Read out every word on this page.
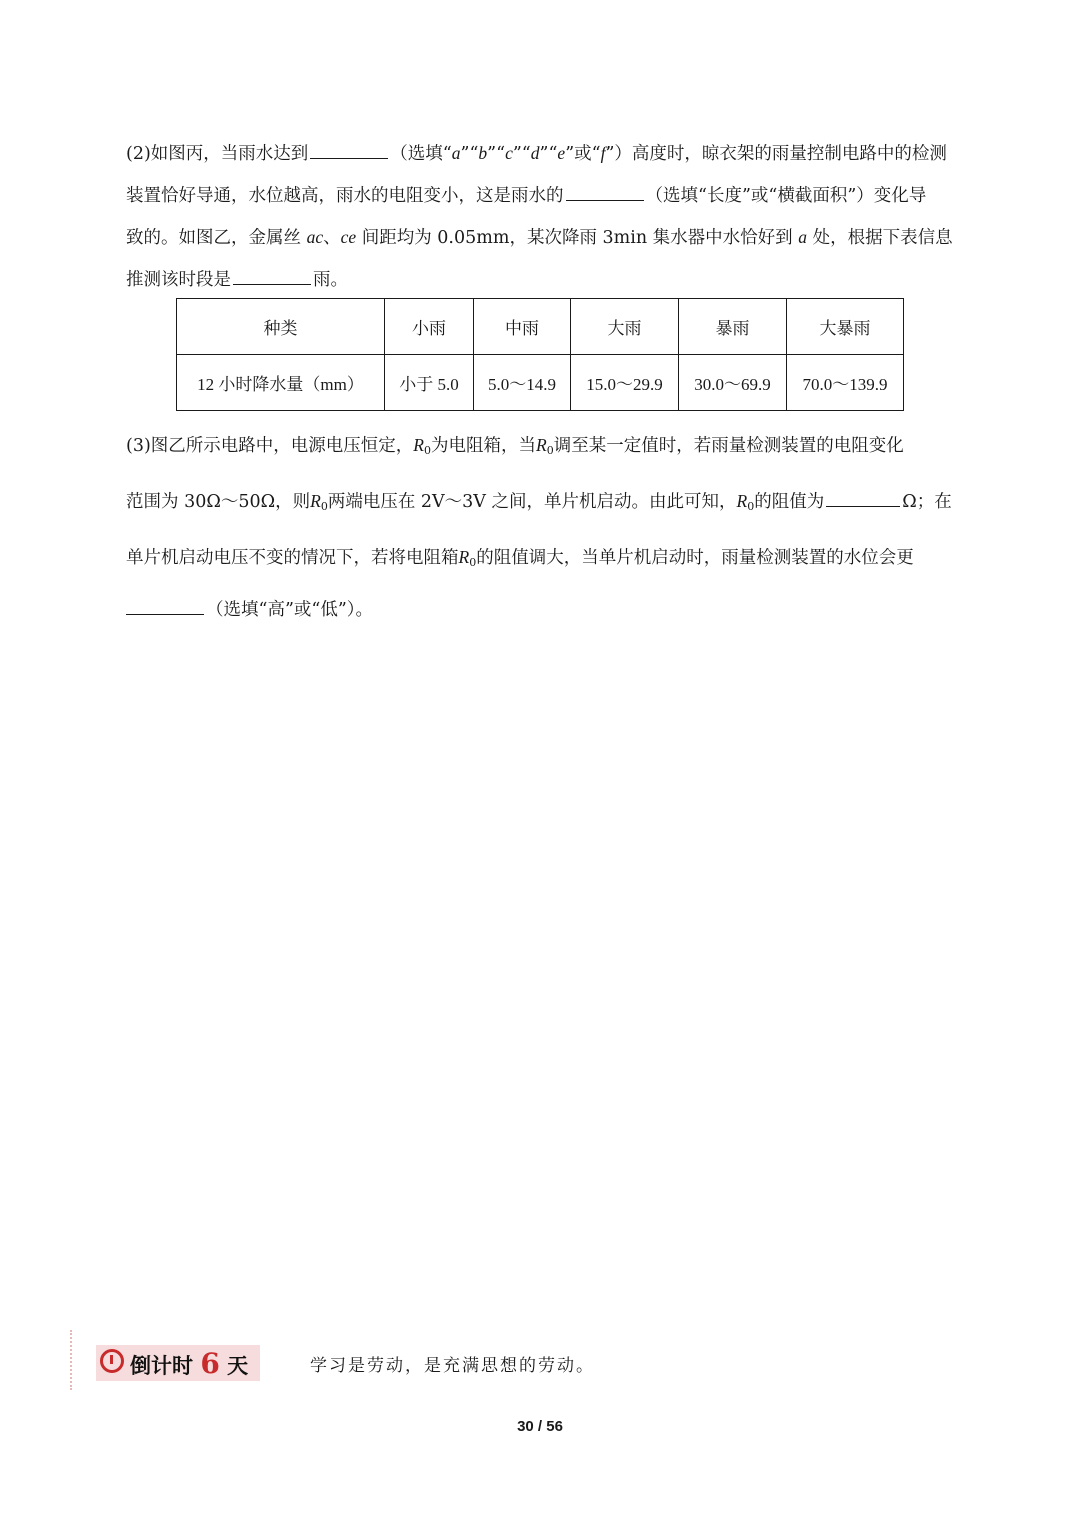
(2)如图丙，当雨水达到	（选填“a”“b”“c”“d”“e”或“f”）高度时，晾衣架的雨量控制电路中的检测
装置恰好导通，水位越高，雨水的电阻变小，这是雨水的	（选填“长度”或“横截面积”）变化导
致的。如图乙，金属丝 ac、ce 间距均为 0.05mm，某次降雨 3min 集水器中水恰好到 a 处，根据下表信息
推测该时段是	雨。
种类	小雨	中雨	大雨	暴雨	大暴雨
12 小时降水量（mm）	小于 5.0	5.0～14.9	15.0～29.9	30.0～69.9	70.0～139.9
(3)图乙所示电路中，电源电压恒定，$R_0$为电阻箱，当$R_0$调至某一定值时，若雨量检测装置的电阻变化
范围为 30Ω～50Ω，则$R_0$两端电压在 2V～3V 之间，单片机启动。由此可知，$R_0$的阻值为	Ω；在
单片机启动电压不变的情况下，若将电阻箱$R_0$的阻值调大，当单片机启动时，雨量检测装置的水位会更
（选填“高”或“低”）。
倒计时 6 天	学习是劳动，是充满思想的劳动。
30 / 56
